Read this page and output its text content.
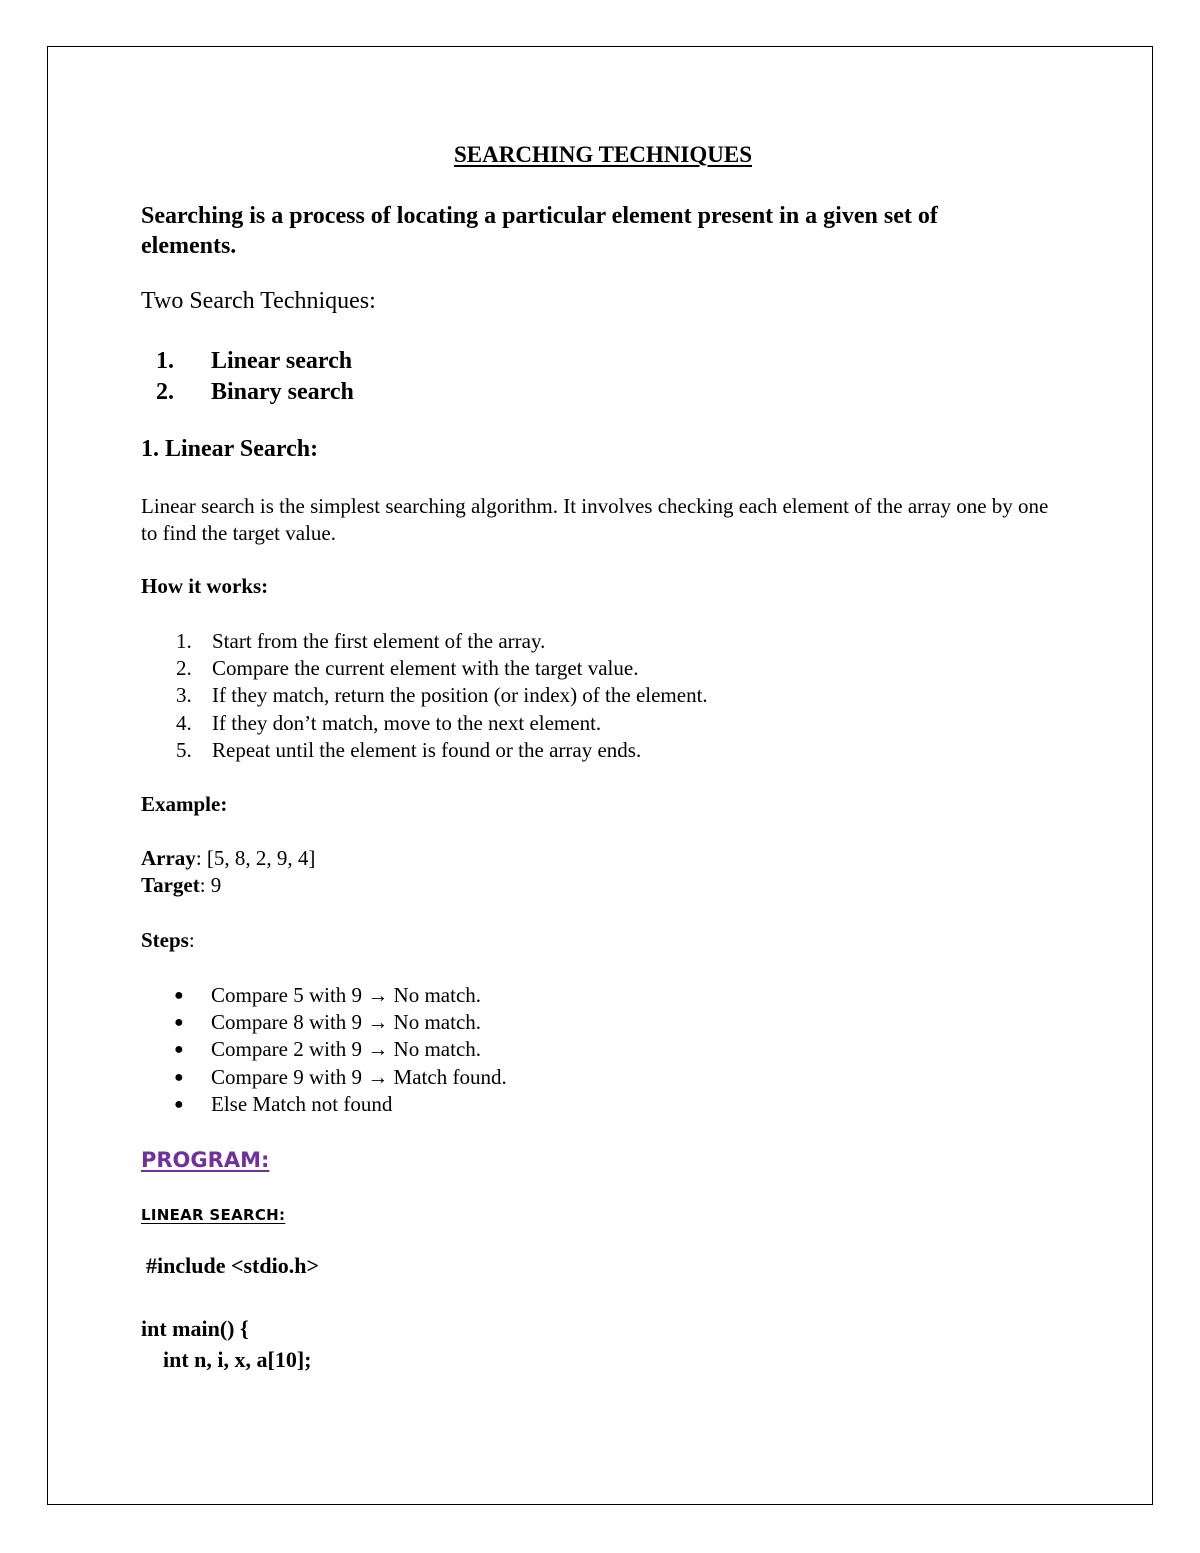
SEARCHING TECHNIQUES
Searching is a process of locating a particular element present in a given set of elements.
Two Search Techniques:
1. Linear search
2. Binary search
1. Linear Search:
Linear search is the simplest searching algorithm. It involves checking each element of the array one by one to find the target value.
How it works:
1. Start from the first element of the array.
2. Compare the current element with the target value.
3. If they match, return the position (or index) of the element.
4. If they don’t match, move to the next element.
5. Repeat until the element is found or the array ends.
Example:
Array: [5, 8, 2, 9, 4]
Target: 9
Steps:
●	Compare 5 with 9 → No match.
●	Compare 8 with 9 → No match.
●	Compare 2 with 9 → No match.
●	Compare 9 with 9 → Match found.
●	Else Match not found
PROGRAM:
LINEAR SEARCH:
#include <stdio.h>
int main() {
int n, i, x, a[10];
